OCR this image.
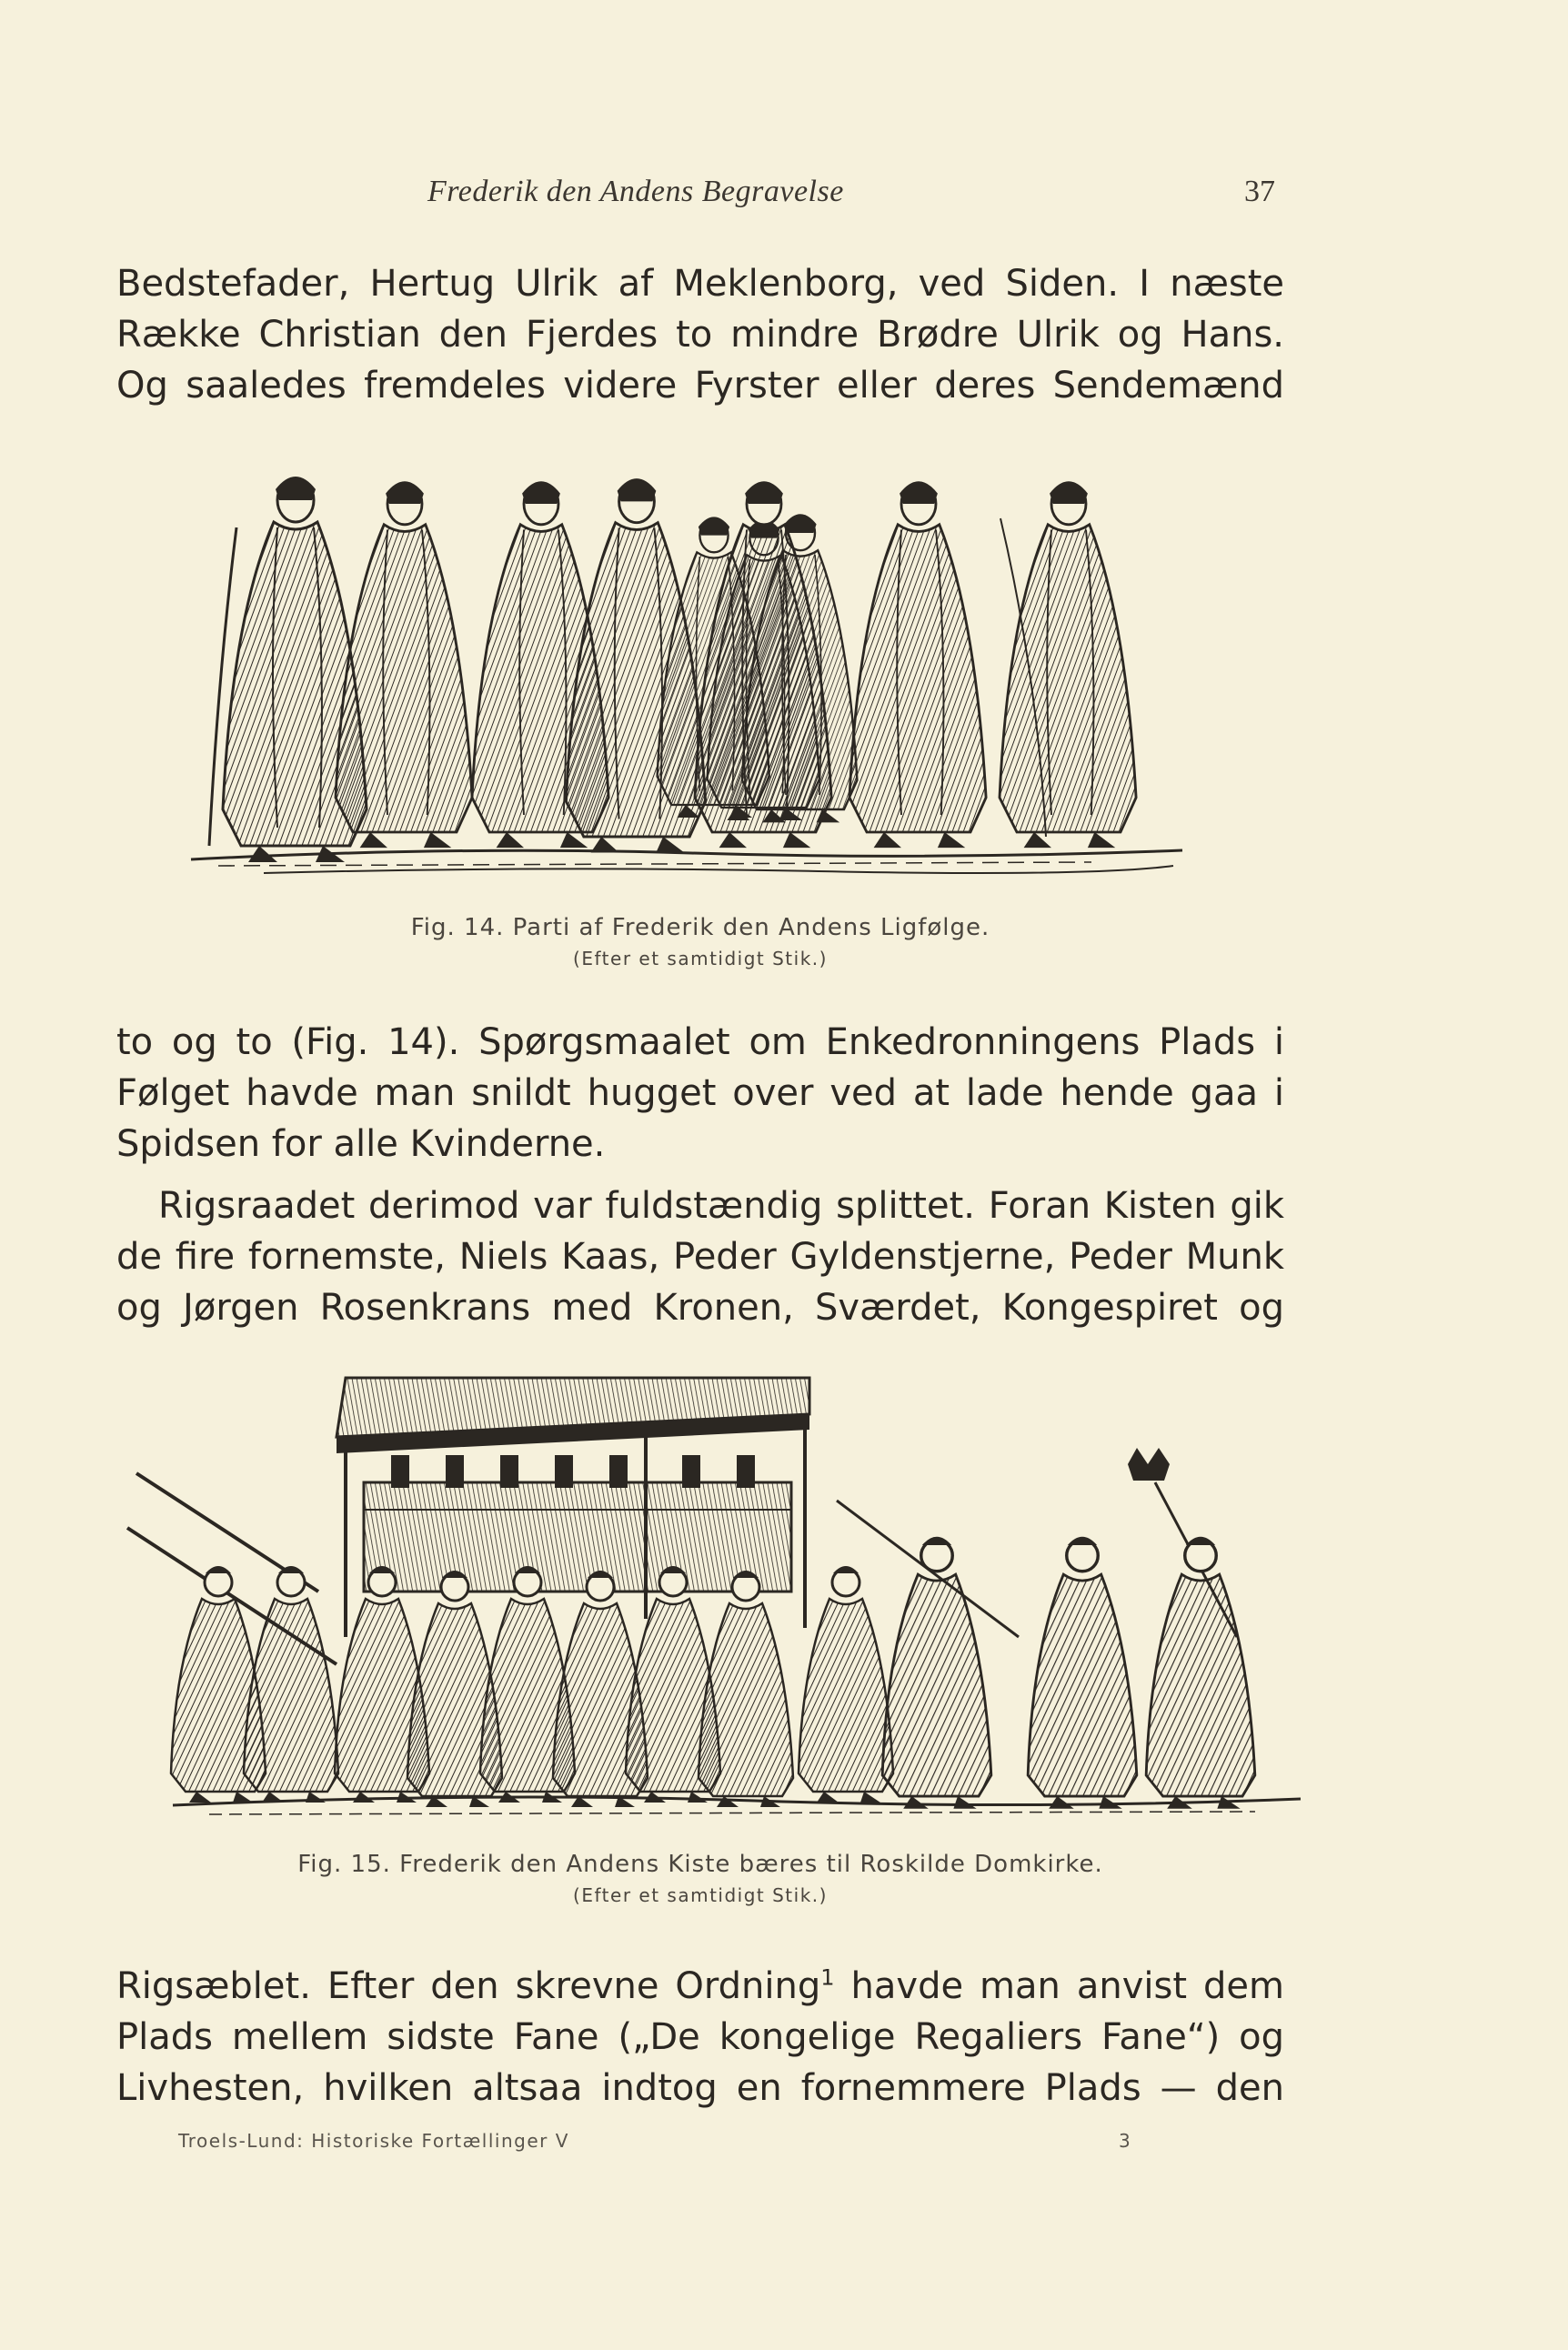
Frederik den Andens Begravelse	37
Bedstefader, Hertug Ulrik af Meklenborg, ved Siden. I næste
Række Christian den Fjerdes to mindre Brødre Ulrik og Hans.
Og saaledes fremdeles videre Fyrster eller deres Sendemænd
Fig. 14. Parti af Frederik den Andens Ligfølge.
(Efter et samtidigt Stik.)
to og to (Fig. 14). Spørgsmaalet om Enkedronningens Plads i
Følget havde man snildt hugget over ved at lade hende gaa i
Spidsen for alle Kvinderne.
Rigsraadet derimod var fuldstændig splittet. Foran Kisten gik
de fire fornemste, Niels Kaas, Peder Gyldenstjerne, Peder Munk
og Jørgen Rosenkrans med Kronen, Sværdet, Kongespiret og
Fig. 15. Frederik den Andens Kiste bæres til Roskilde Domkirke.
(Efter et samtidigt Stik.)
Rigsæblet. Efter den skrevne Ordning$^1$ havde man anvist dem
Plads mellem sidste Fane („De kongelige Regaliers Fane“) og
Livhesten, hvilken altsaa indtog en fornemmere Plads — den
Troels-Lund: Historiske Fortællinger V	3
